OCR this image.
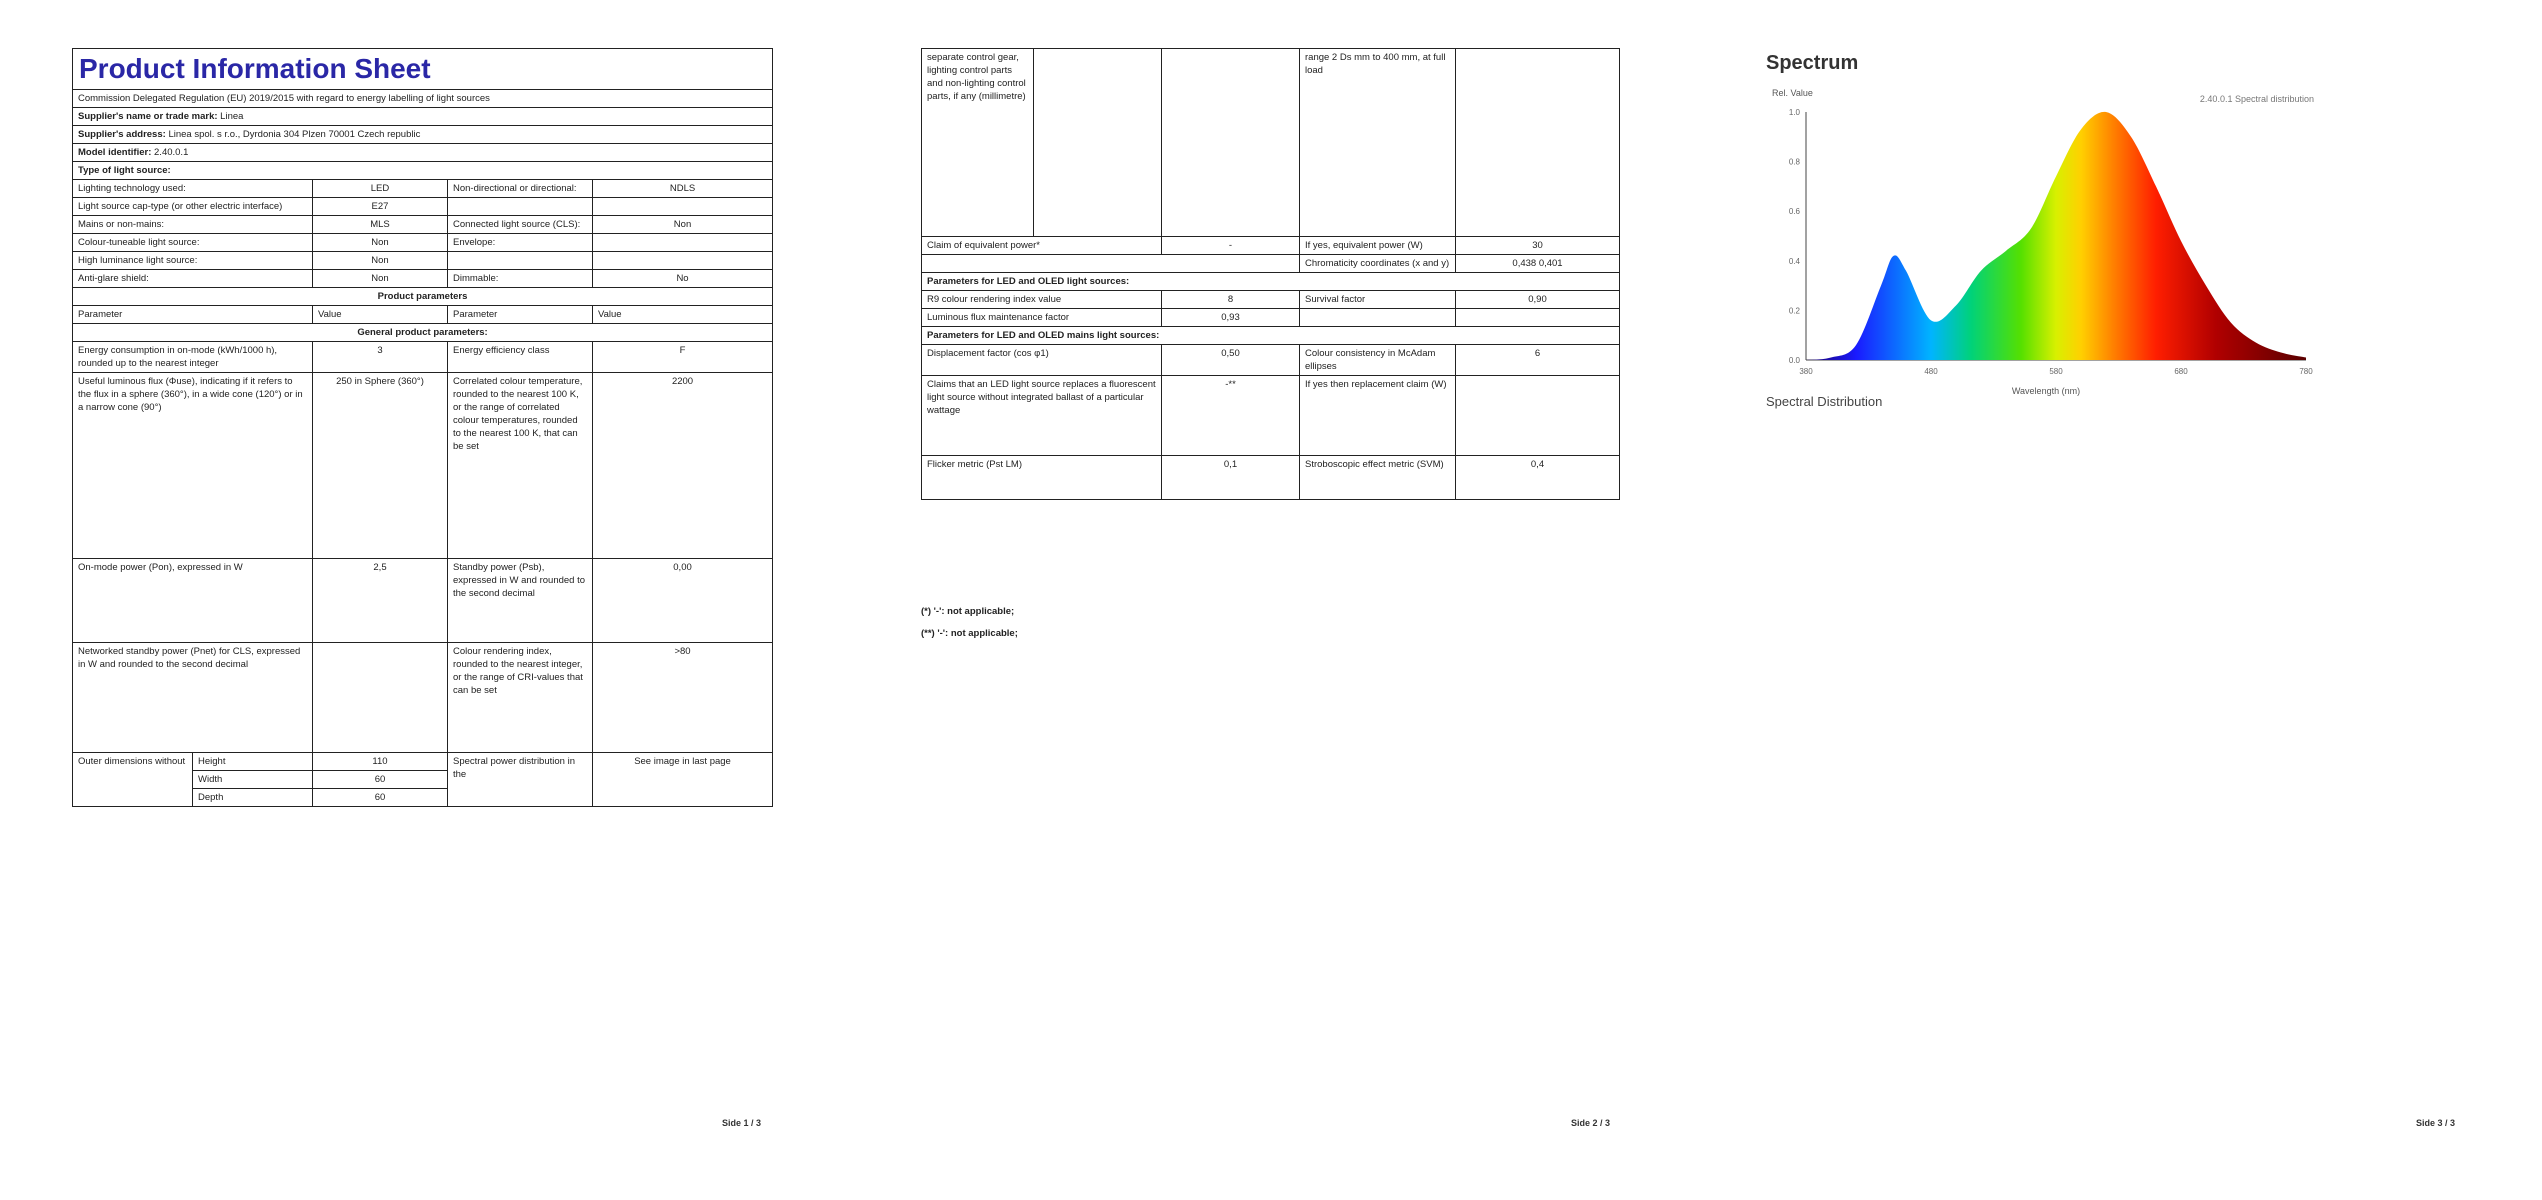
Product Information Sheet				
Commission Delegated Regulation (EU) 2019/2015 with regard to energy labelling of light sources				
Supplier's name or trade mark: Linea				
Supplier's address: Linea spol. s r.o., Dyrdonia 304 Plzen 70001 Czech republic				
Model identifier: 2.40.0.1				
Type of light source:				
Lighting technology used:		LED	Non-directional or directional:	NDLS
Light source cap-type (or other electric interface)		E27		
Mains or non-mains:		MLS	Connected light source (CLS):	Non
Colour-tuneable light source:		Non	Envelope:	
High luminance light source:		Non		
Anti-glare shield:		Non	Dimmable:	No
Product parameters				
Parameter		Value	Parameter	Value
General product parameters:				
Energy consumption in on-mode (kWh/1000 h), rounded up to the nearest integer		3	Energy efficiency class	F
Useful luminous flux (Φuse), indicating if it refers to the flux in a sphere (360°), in a wide cone (120°) or in a narrow cone (90°)		250 in Sphere (360°)	Correlated colour temperature, rounded to the nearest 100 K, or the range of correlated colour temperatures, rounded to the nearest 100 K, that can be set	2200
On-mode power (Pon), expressed in W		2,5	Standby power (Psb), expressed in W and rounded to the second decimal	0,00
Networked standby power (Pnet) for CLS, expressed in W and rounded to the second decimal			Colour rendering index, rounded to the nearest integer, or the range of CRI-values that can be set	>80
Outer dimensions without	Height	110	Spectral power distribution in the	See image in last page
	Width	60		
	Depth	60		
Side 1 / 3
separate control gear, lighting control parts and non-lighting control parts, if any (millimetre)			range 2 Ds mm to 400 mm, at full load	
Claim of equivalent power*		-	If yes, equivalent power (W)	30
			Chromaticity coordinates (x and y)	0,438 0,401
Parameters for LED and OLED light sources:				
R9 colour rendering index value		8	Survival factor	0,90
Luminous flux maintenance factor		0,93		
Parameters for LED and OLED mains light sources:				
Displacement factor (cos φ1)		0,50	Colour consistency in McAdam ellipses	6
Claims that an LED light source replaces a fluorescent light source without integrated ballast of a particular wattage		-**	If yes then replacement claim (W)	
Flicker metric (Pst LM)		0,1	Stroboscopic effect metric (SVM)	0,4
(*) '-': not applicable;
(**) '-': not applicable;
Side 2 / 3
Spectrum
Rel. Value
2.40.0.1 Spectral distribution
0.0
0.2
0.4
0.6
0.8
1.0
380	480	580	680	780
Wavelength (nm)
Spectral Distribution
Side 3 / 3
